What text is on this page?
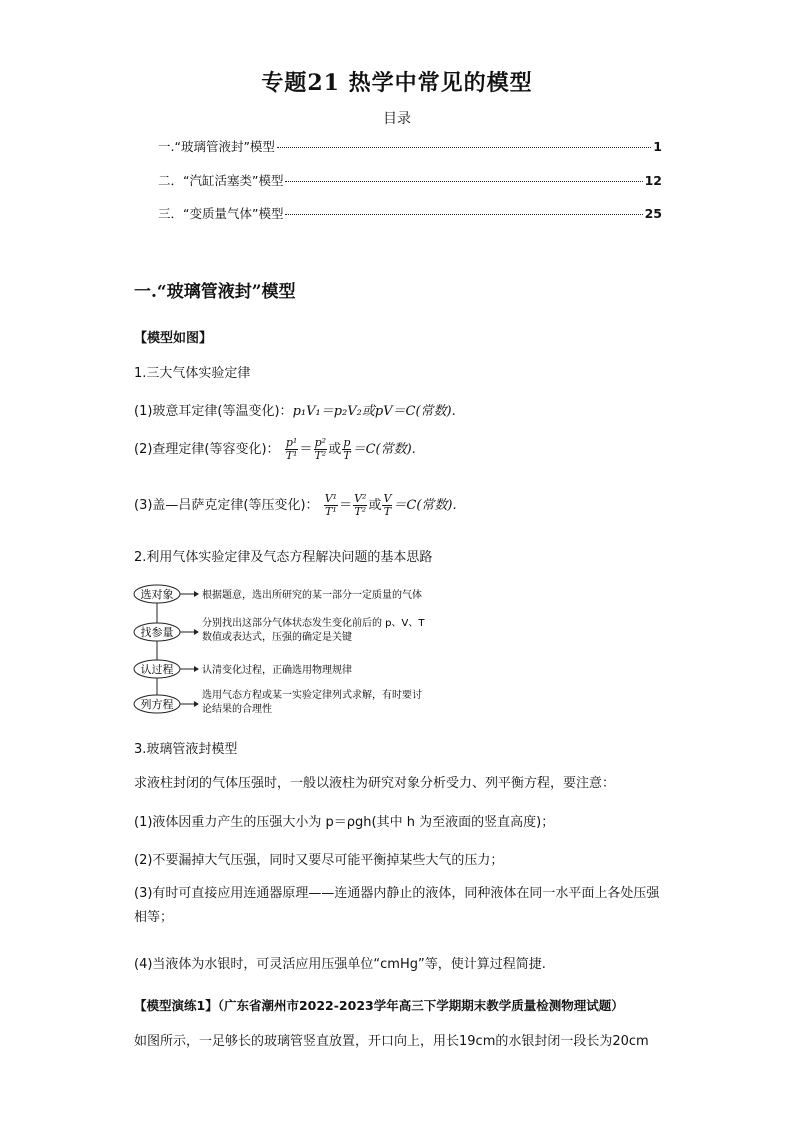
专题21 热学中常见的模型
目录
一.“玻璃管液封”模型	1
二．“汽缸活塞类”模型	12
三．“变质量气体”模型	25
一.“玻璃管液封”模型
【模型如图】
1.三大气体实验定律
(1)玻意耳定律(等温变化)：p₁V₁＝p₂V₂或pV＝C(常数).
(2)查理定律(等容变化)： $\frac{\text{p¹}}{\text{T¹}} = \frac{\text{p²}}{\text{T²}}$ 或 $\frac{p}{T} =C$(常数).
(3)盖—吕萨克定律(等压变化)： $\frac{\text{V¹}}{\text{T¹}} = \frac{\text{V²}}{\text{T²}}$ 或 $\frac{V}{T} =C$(常数).
2.利用气体实验定律及气态方程解决问题的基本思路
选对象	根据题意，选出所研究的某一部分一定质量的气体
找参量
分别找出这部分气体状态发生变化前后的 p、V、T
数值或表达式，压强的确定是关键
认过程	认清变化过程，正确选用物理规律
列方程
选用气态方程或某一实验定律列式求解，有时要讨
论结果的合理性
3.玻璃管液封模型
求液柱封闭的气体压强时，一般以液柱为研究对象分析受力、列平衡方程，要注意：
(1)液体因重力产生的压强大小为 p＝ρgh(其中 h 为至液面的竖直高度)；
(2)不要漏掉大气压强，同时又要尽可能平衡掉某些大气的压力；
(3)有时可直接应用连通器原理——连通器内静止的液体，同种液体在同一水平面上各处压强相等；
(4)当液体为水银时，可灵活应用压强单位“cmHg”等，使计算过程简捷.
【模型演练1】（广东省潮州市2022-2023学年高三下学期期末教学质量检测物理试题）
如图所示，一足够长的玻璃管竖直放置，开口向上，用长19cm的水银封闭一段长为20cm
